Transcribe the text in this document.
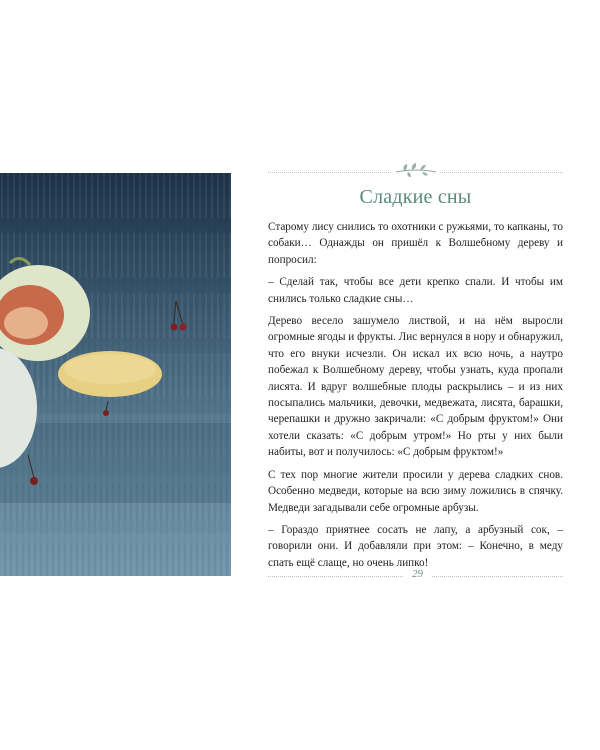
Сладкие сны

Старому лису снились то охотники с ружьями, то капканы, то собаки… Однажды он пришёл к Волшебному дереву и попросил:

– Сделай так, чтобы все дети крепко спали. И чтобы им снились только сладкие сны…

Дерево весело зашумело листвой, и на нём выросли огромные ягоды и фрукты. Лис вернулся в нору и обнаружил, что его внуки исчезли. Он искал их всю ночь, а наутро побежал к Волшебному дереву, чтобы узнать, куда пропали лисята. И вдруг волшебные плоды раскрылись – и из них посыпались мальчики, девочки, медвежата, лисята, барашки, черепашки и дружно закричали: «С добрым фруктом!» Они хотели сказать: «С добрым утром!» Но рты у них были набиты, вот и получилось: «С добрым фруктом!»

С тех пор многие жители просили у дерева сладких снов. Особенно медведи, которые на всю зиму ложились в спячку. Медведи загадывали себе огромные арбузы.

– Гораздо приятнее сосать не лапу, а арбузный сок, – говорили они. И добавляли при этом: – Конечно, в меду спать ещё слаще, но очень липко!

29
